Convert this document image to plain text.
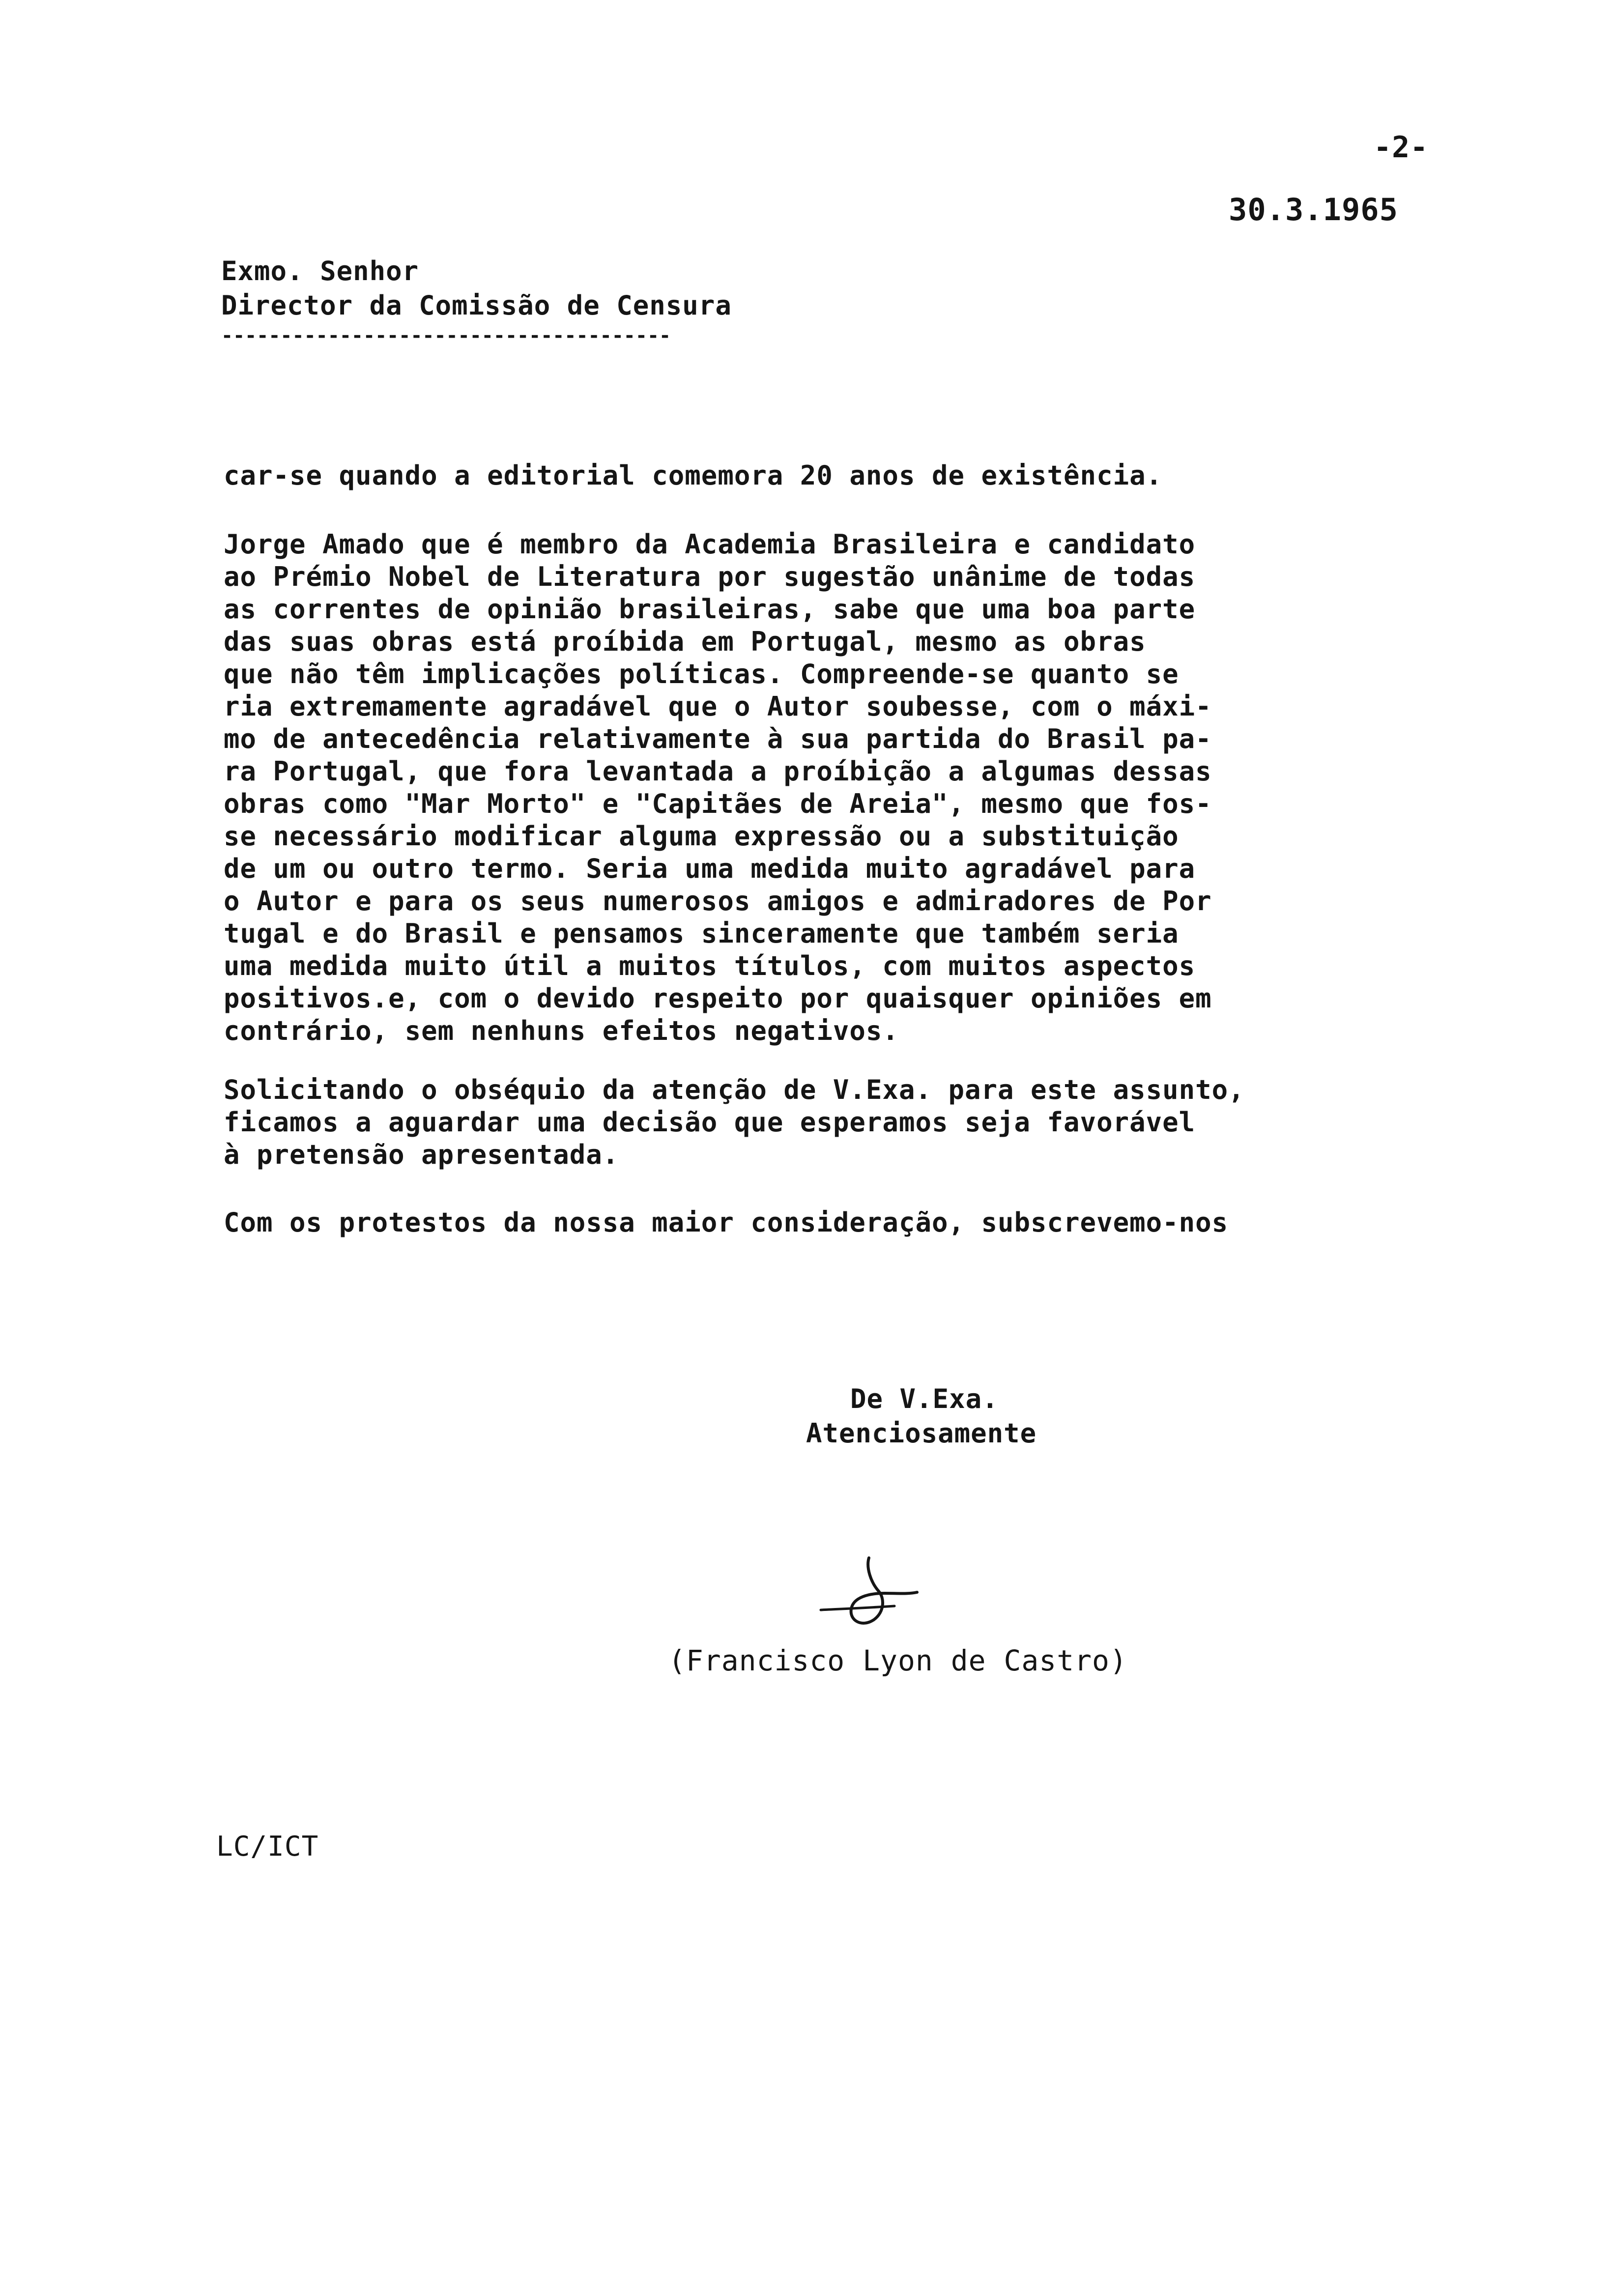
-2-
30.3.1965
Exmo. Senhor
Director da Comissão de Censura
--------------------------------------
car-se quando a editorial comemora 20 anos de existência.
Jorge Amado que é membro da Academia Brasileira e candidato
ao Prémio Nobel de Literatura por sugestão unânime de todas
as correntes de opinião brasileiras, sabe que uma boa parte
das suas obras está proíbida em Portugal, mesmo as obras
que não têm implicações políticas. Compreende-se quanto se
ria extremamente agradável que o Autor soubesse, com o máxi-
mo de antecedência relativamente à sua partida do Brasil pa-
ra Portugal, que fora levantada a proíbição a algumas dessas
obras como "Mar Morto" e "Capitães de Areia", mesmo que fos-
se necessário modificar alguma expressão ou a substituição
de um ou outro termo. Seria uma medida muito agradável para
o Autor e para os seus numerosos amigos e admiradores de Por
tugal e do Brasil e pensamos sinceramente que também seria
uma medida muito útil a muitos títulos, com muitos aspectos
positivos.e, com o devido respeito por quaisquer opiniões em
contrário, sem nenhuns efeitos negativos.
Solicitando o obséquio da atenção de V.Exa. para este assunto,
ficamos a aguardar uma decisão que esperamos seja favorável
à pretensão apresentada.
Com os protestos da nossa maior consideração, subscrevemo-nos
De V.Exa.
Atenciosamente
(Francisco Lyon de Castro)
LC/ICT
